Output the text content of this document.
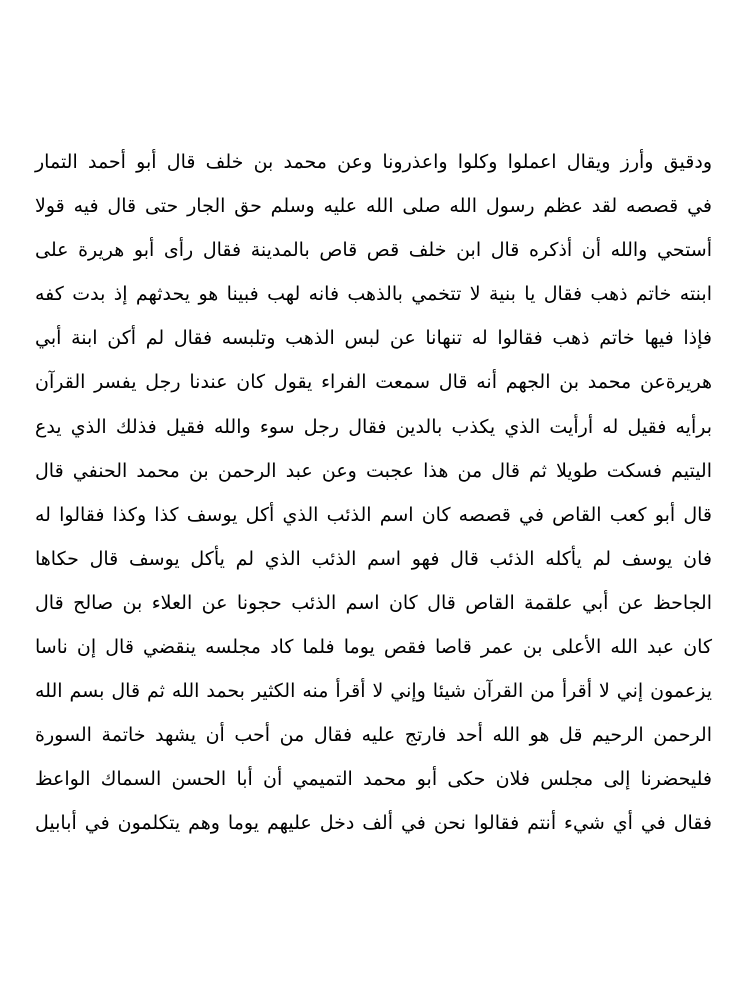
ودقيق وأرز ويقال اعملوا وكلوا واعذرونا وعن محمد بن خلف قال أبو أحمد التمار
في قصصه لقد عظم رسول الله صلى الله عليه وسلم حق الجار حتى قال فيه قولا
أستحي والله أن أذكره قال ابن خلف قص قاص بالمدينة فقال رأى أبو هريرة على
ابنته خاتم ذهب فقال يا بنية لا تتخمي بالذهب فانه لهب فبينا هو يحدثهم إذ بدت كفه
فإذا فيها خاتم ذهب فقالوا له تنهانا عن لبس الذهب وتلبسه فقال لم أكن ابنة أبي
هريرةعن محمد بن الجهم أنه قال سمعت الفراء يقول كان عندنا رجل يفسر القرآن
برأيه فقيل له أرأيت الذي يكذب بالدين فقال رجل سوء والله فقيل فذلك الذي يدع
اليتيم فسكت طويلا ثم قال من هذا عجبت وعن عبد الرحمن بن محمد الحنفي قال
قال أبو كعب القاص في قصصه كان اسم الذئب الذي أكل يوسف كذا وكذا فقالوا له
فان يوسف لم يأكله الذئب قال فهو اسم الذئب الذي لم يأكل يوسف قال حكاها
الجاحظ عن أبي علقمة القاص قال كان اسم الذئب حجونا عن العلاء بن صالح قال
كان عبد الله الأعلى بن عمر قاصا فقص يوما فلما كاد مجلسه ينقضي قال إن ناسا
يزعمون إني لا أقرأ من القرآن شيئا وإني لا أقرأ منه الكثير بحمد الله ثم قال بسم الله
الرحمن الرحيم قل هو الله أحد فارتج عليه فقال من أحب أن يشهد خاتمة السورة
فليحضرنا إلى مجلس فلان حكى أبو محمد التميمي أن أبا الحسن السماك الواعظ
فقال في أي شيء أنتم فقالوا نحن في ألف دخل عليهم يوما وهم يتكلمون في أبابيل
